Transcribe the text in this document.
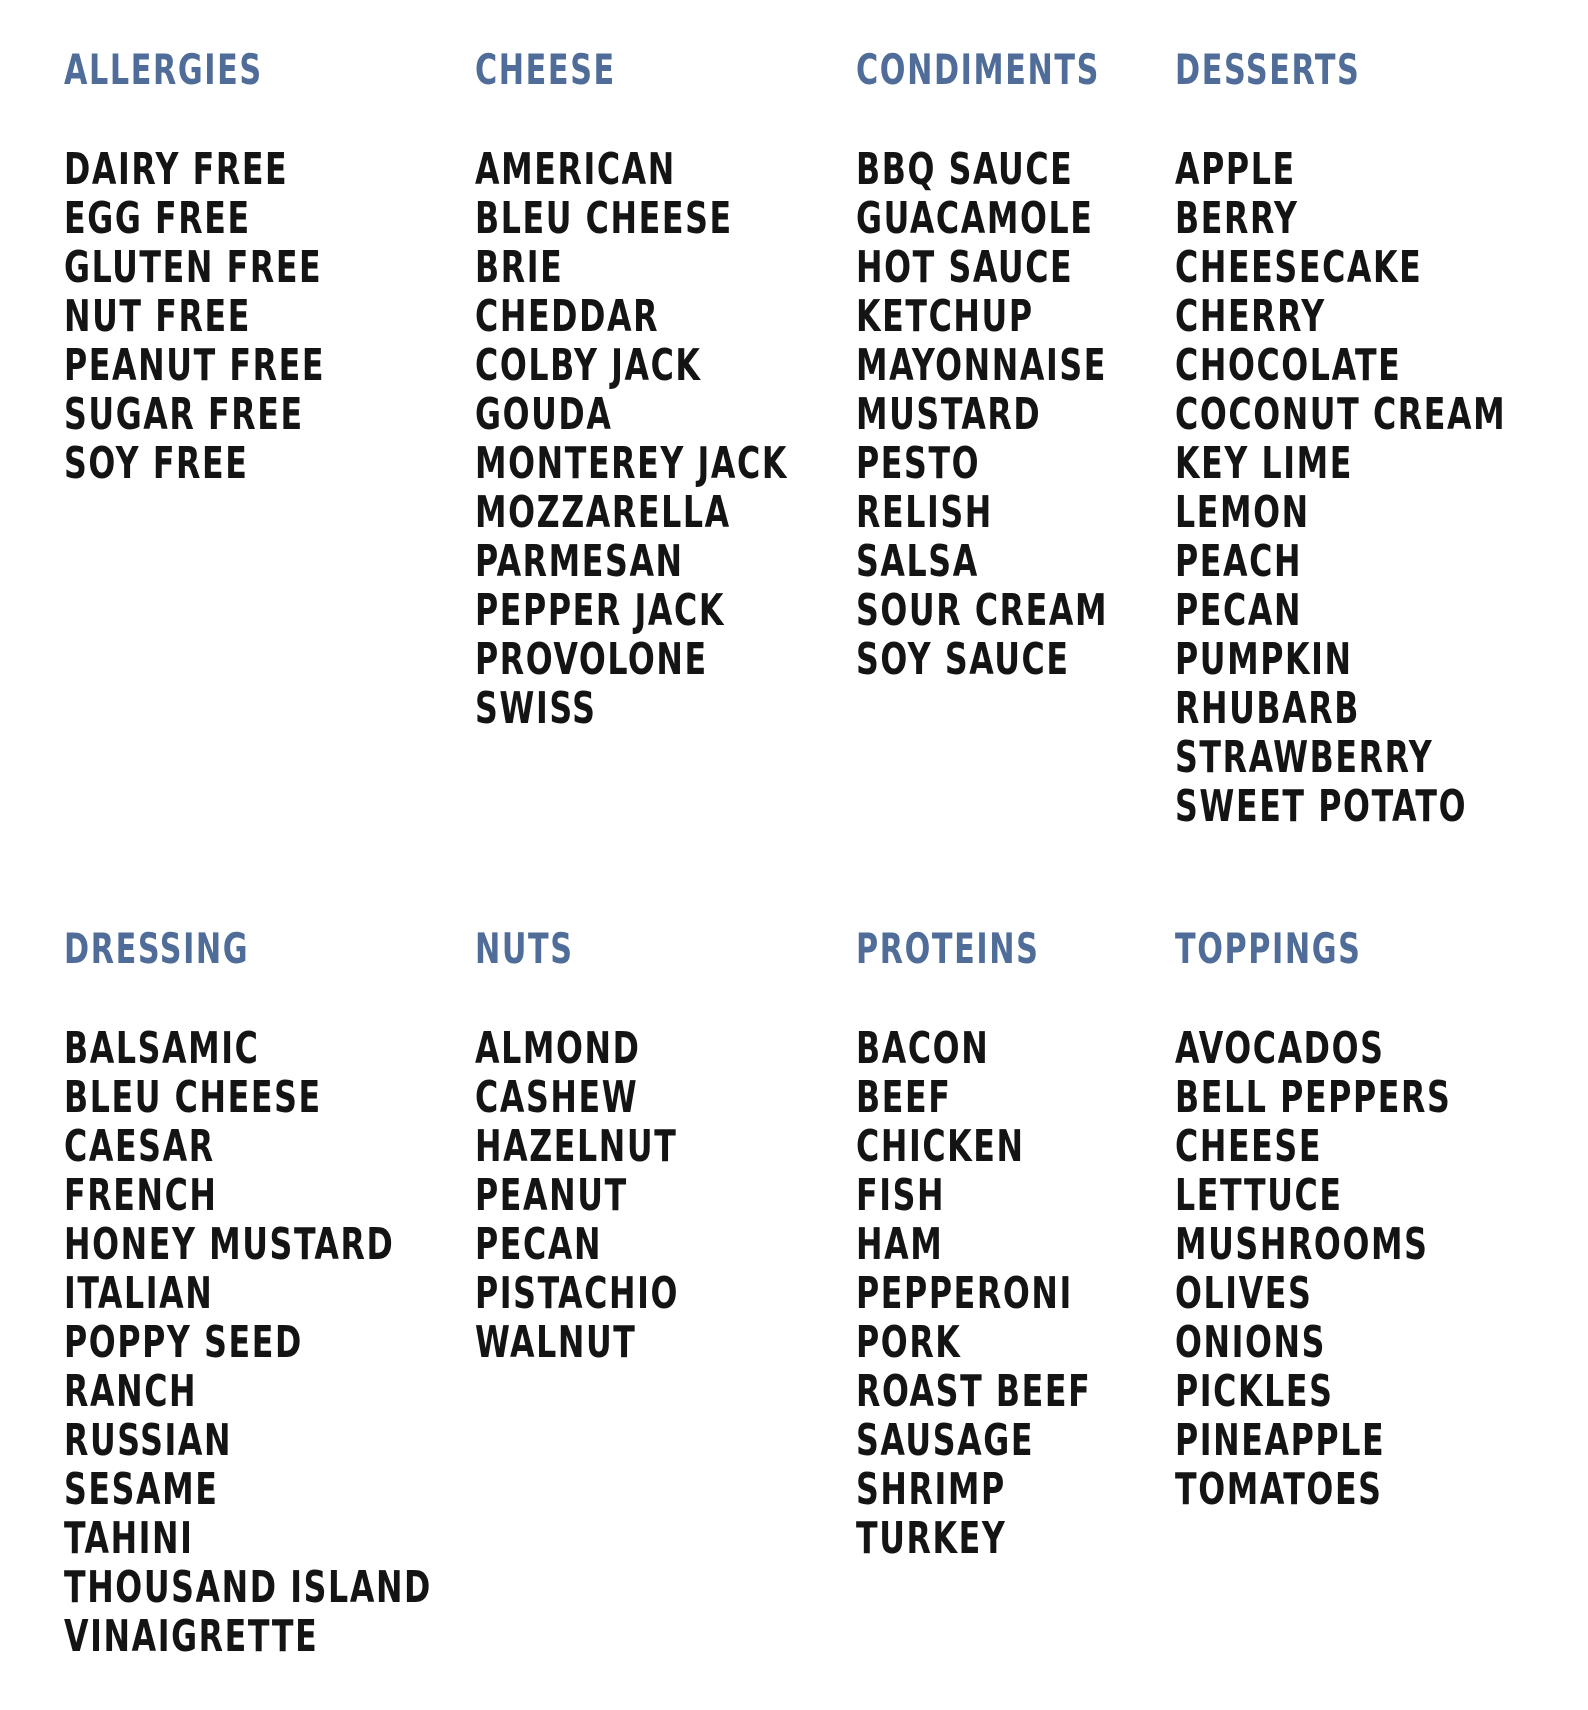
ALLERGIES
DAIRY FREE
EGG FREE
GLUTEN FREE
NUT FREE
PEANUT FREE
SUGAR FREE
SOY FREE
CHEESE
AMERICAN
BLEU CHEESE
BRIE
CHEDDAR
COLBY JACK
GOUDA
MONTEREY JACK
MOZZARELLA
PARMESAN
PEPPER JACK
PROVOLONE
SWISS
CONDIMENTS
BBQ SAUCE
GUACAMOLE
HOT SAUCE
KETCHUP
MAYONNAISE
MUSTARD
PESTO
RELISH
SALSA
SOUR CREAM
SOY SAUCE
DESSERTS
APPLE
BERRY
CHEESECAKE
CHERRY
CHOCOLATE
COCONUT CREAM
KEY LIME
LEMON
PEACH
PECAN
PUMPKIN
RHUBARB
STRAWBERRY
SWEET POTATO
DRESSING
BALSAMIC
BLEU CHEESE
CAESAR
FRENCH
HONEY MUSTARD
ITALIAN
POPPY SEED
RANCH
RUSSIAN
SESAME
TAHINI
THOUSAND ISLAND
VINAIGRETTE
NUTS
ALMOND
CASHEW
HAZELNUT
PEANUT
PECAN
PISTACHIO
WALNUT
PROTEINS
BACON
BEEF
CHICKEN
FISH
HAM
PEPPERONI
PORK
ROAST BEEF
SAUSAGE
SHRIMP
TURKEY
TOPPINGS
AVOCADOS
BELL PEPPERS
CHEESE
LETTUCE
MUSHROOMS
OLIVES
ONIONS
PICKLES
PINEAPPLE
TOMATOES
